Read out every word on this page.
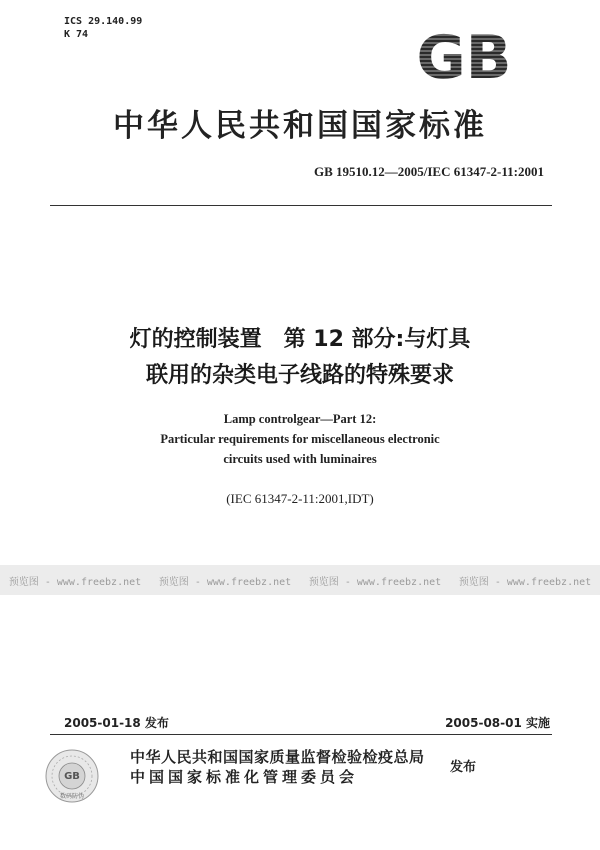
ICS 29.140.99
K 74	GB
中华人民共和国国家标准
GB 19510.12—2005/IEC 61347-2-11:2001
灯的控制装置　第 12 部分:与灯具
联用的杂类电子线路的特殊要求
Lamp controlgear—Part 12:
Particular requirements for miscellaneous electronic
circuits used with luminaires
(IEC 61347-2-11:2001,IDT)
预览图 - www.freebz.net 预览图 - www.freebz.net 预览图 - www.freebz.net 预览图 - www.freebz.net
2005-01-18 发布	2005-08-01 实施
GB
数码防伪
中华人民共和国国家质量监督检验检疫总局
中国国家标准化管理委员会
发布
